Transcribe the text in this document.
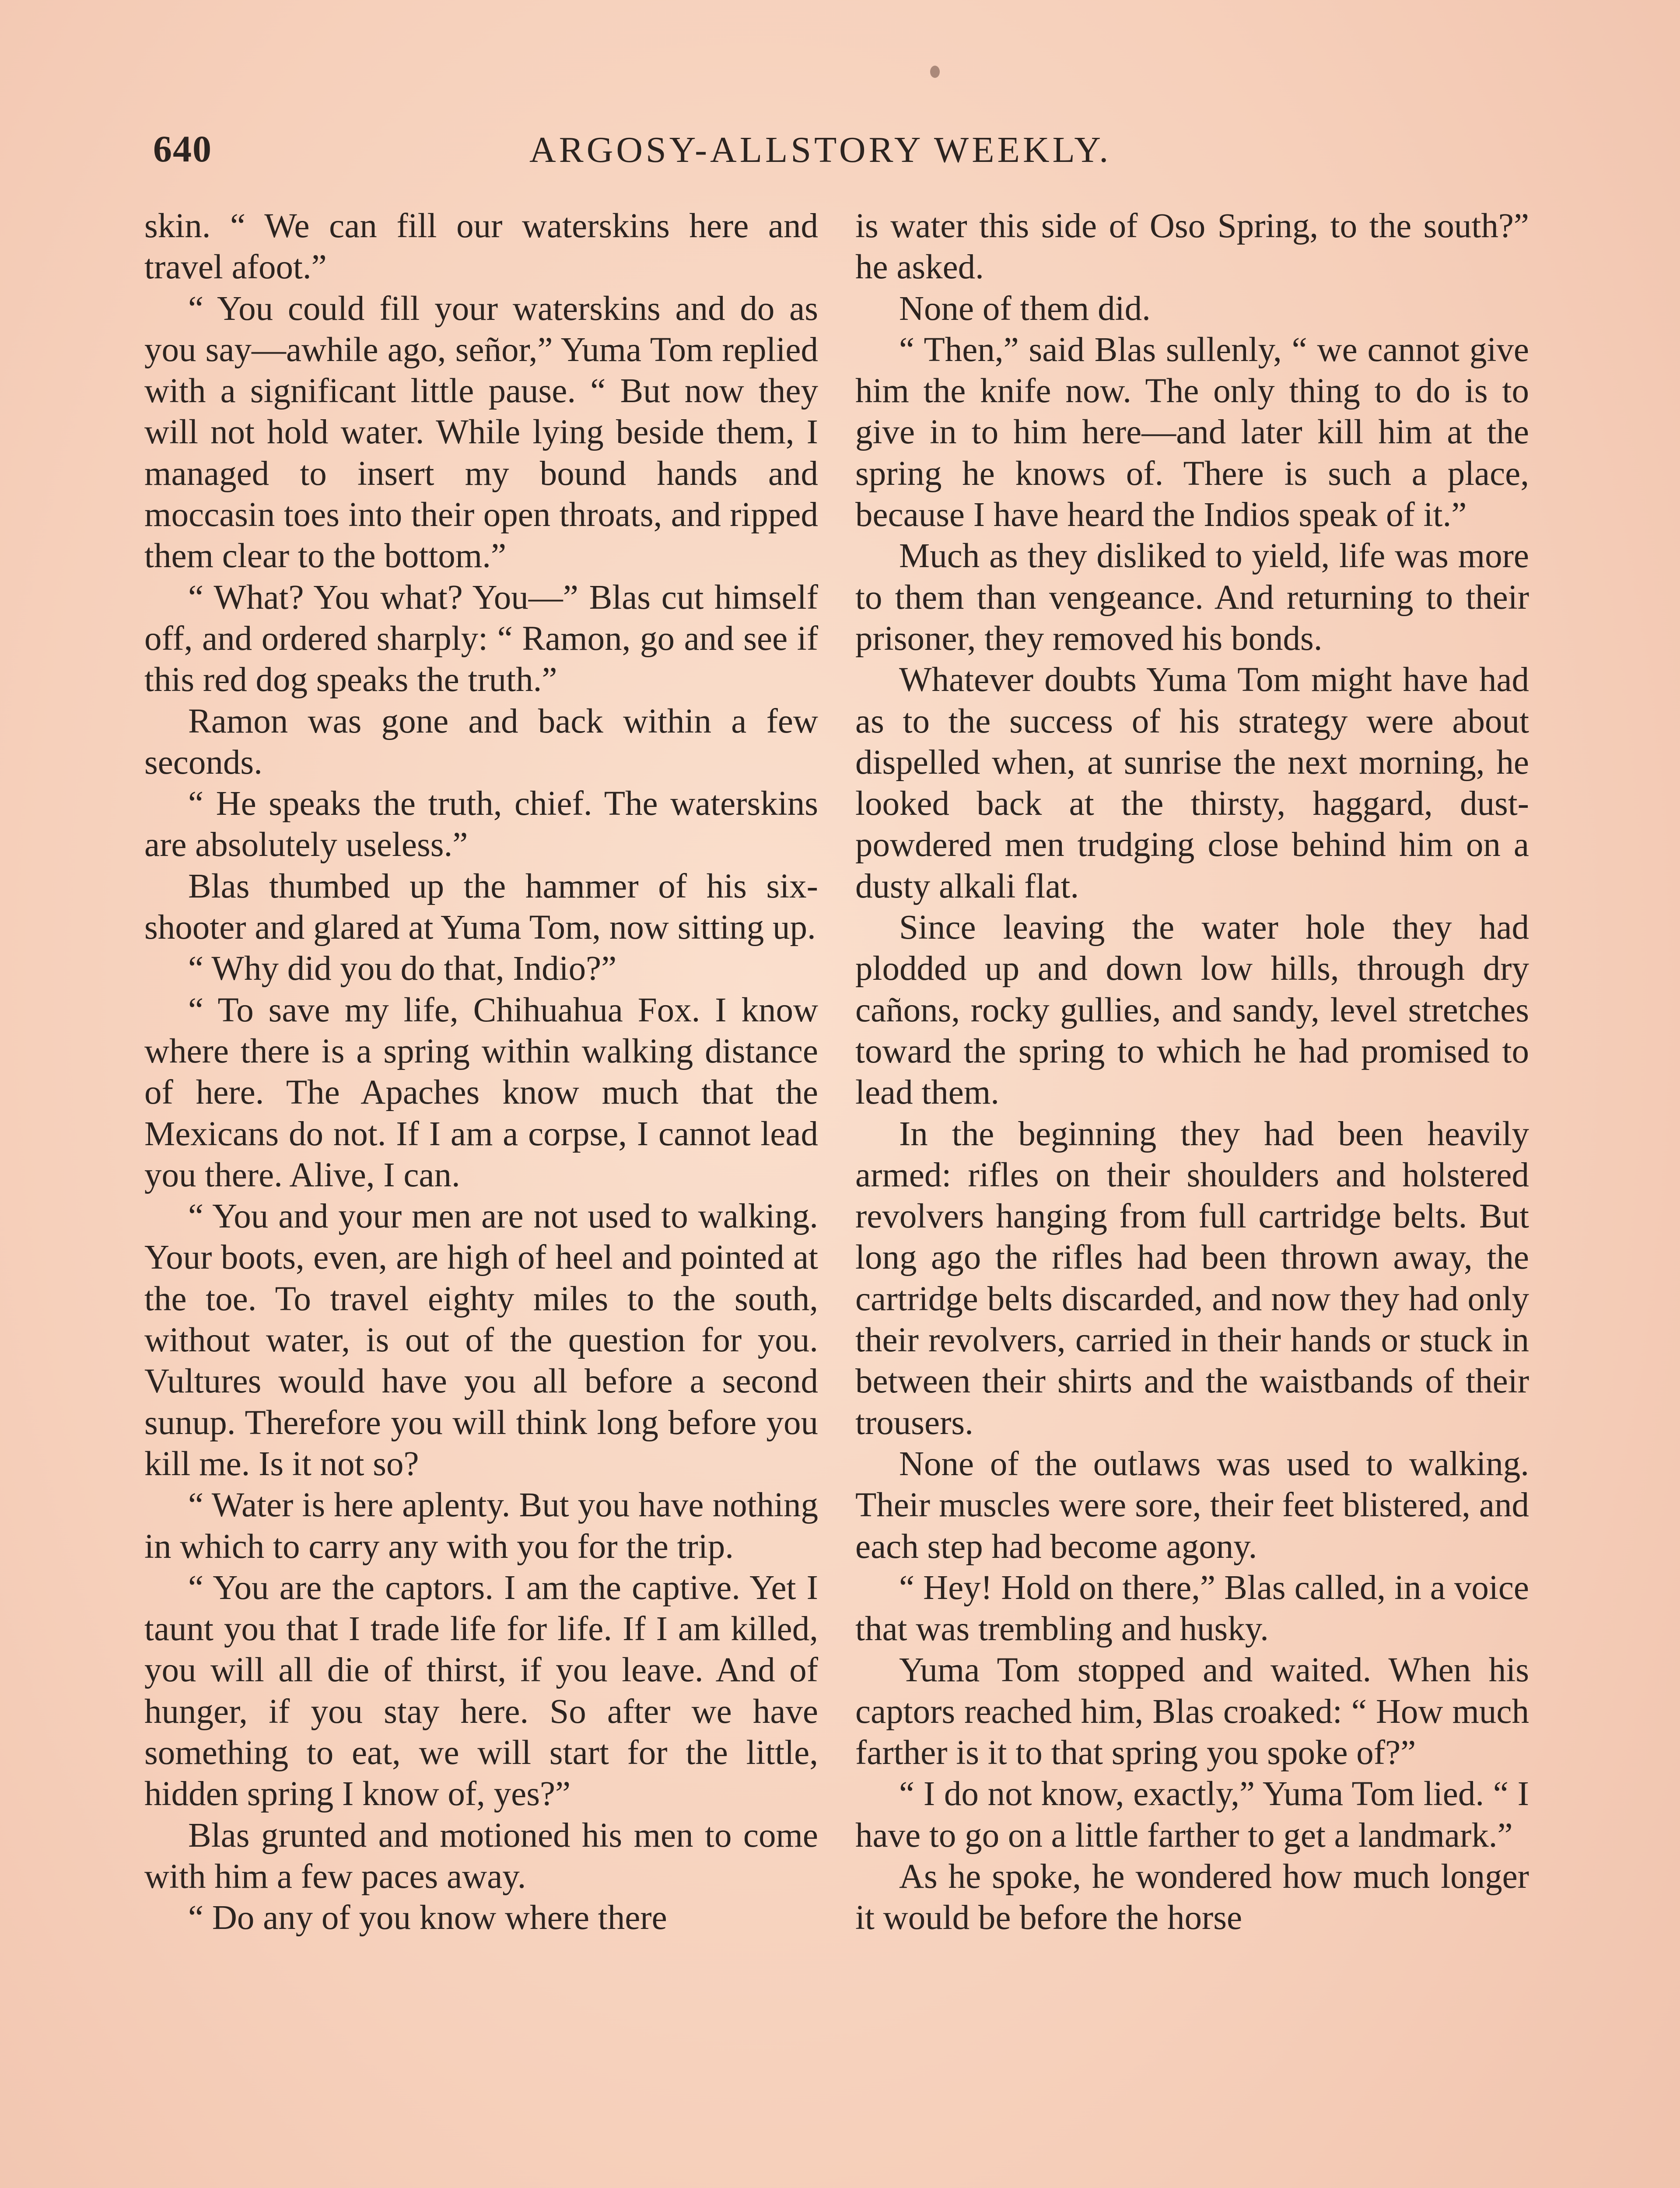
640	ARGOSY-ALLSTORY WEEKLY.

skin. “ We can fill our waterskins here and travel afoot.”

“ You could fill your waterskins and do as you say—awhile ago, señor,” Yuma Tom replied with a significant little pause. “ But now they will not hold water. While lying beside them, I managed to insert my bound hands and moccasin toes into their open throats, and ripped them clear to the bottom.”

“ What? You what? You—” Blas cut himself off, and ordered sharply: “ Ramon, go and see if this red dog speaks the truth.”

Ramon was gone and back within a few seconds.

“ He speaks the truth, chief. The waterskins are absolutely useless.”

Blas thumbed up the hammer of his six-shooter and glared at Yuma Tom, now sitting up.

“ Why did you do that, Indio?”

“ To save my life, Chihuahua Fox. I know where there is a spring within walking distance of here. The Apaches know much that the Mexicans do not. If I am a corpse, I cannot lead you there. Alive, I can.

“ You and your men are not used to walking. Your boots, even, are high of heel and pointed at the toe. To travel eighty miles to the south, without water, is out of the question for you. Vultures would have you all before a second sunup. Therefore you will think long before you kill me. Is it not so?

“ Water is here aplenty. But you have nothing in which to carry any with you for the trip.

“ You are the captors. I am the captive. Yet I taunt you that I trade life for life. If I am killed, you will all die of thirst, if you leave. And of hunger, if you stay here. So after we have something to eat, we will start for the little, hidden spring I know of, yes?”

Blas grunted and motioned his men to come with him a few paces away.

“ Do any of you know where there

is water this side of Oso Spring, to the south?” he asked.

None of them did.

“ Then,” said Blas sullenly, “ we cannot give him the knife now. The only thing to do is to give in to him here—and later kill him at the spring he knows of. There is such a place, because I have heard the Indios speak of it.”

Much as they disliked to yield, life was more to them than vengeance. And returning to their prisoner, they removed his bonds.

Whatever doubts Yuma Tom might have had as to the success of his strategy were about dispelled when, at sunrise the next morning, he looked back at the thirsty, haggard, dust-powdered men trudging close behind him on a dusty alkali flat.

Since leaving the water hole they had plodded up and down low hills, through dry cañons, rocky gullies, and sandy, level stretches toward the spring to which he had promised to lead them.

In the beginning they had been heavily armed: rifles on their shoulders and holstered revolvers hanging from full cartridge belts. But long ago the rifles had been thrown away, the cartridge belts discarded, and now they had only their revolvers, carried in their hands or stuck in between their shirts and the waistbands of their trousers.

None of the outlaws was used to walking. Their muscles were sore, their feet blistered, and each step had become agony.

“ Hey! Hold on there,” Blas called, in a voice that was trembling and husky.

Yuma Tom stopped and waited. When his captors reached him, Blas croaked: “ How much farther is it to that spring you spoke of?”

“ I do not know, exactly,” Yuma Tom lied. “ I have to go on a little farther to get a landmark.”

As he spoke, he wondered how much longer it would be before the horse
